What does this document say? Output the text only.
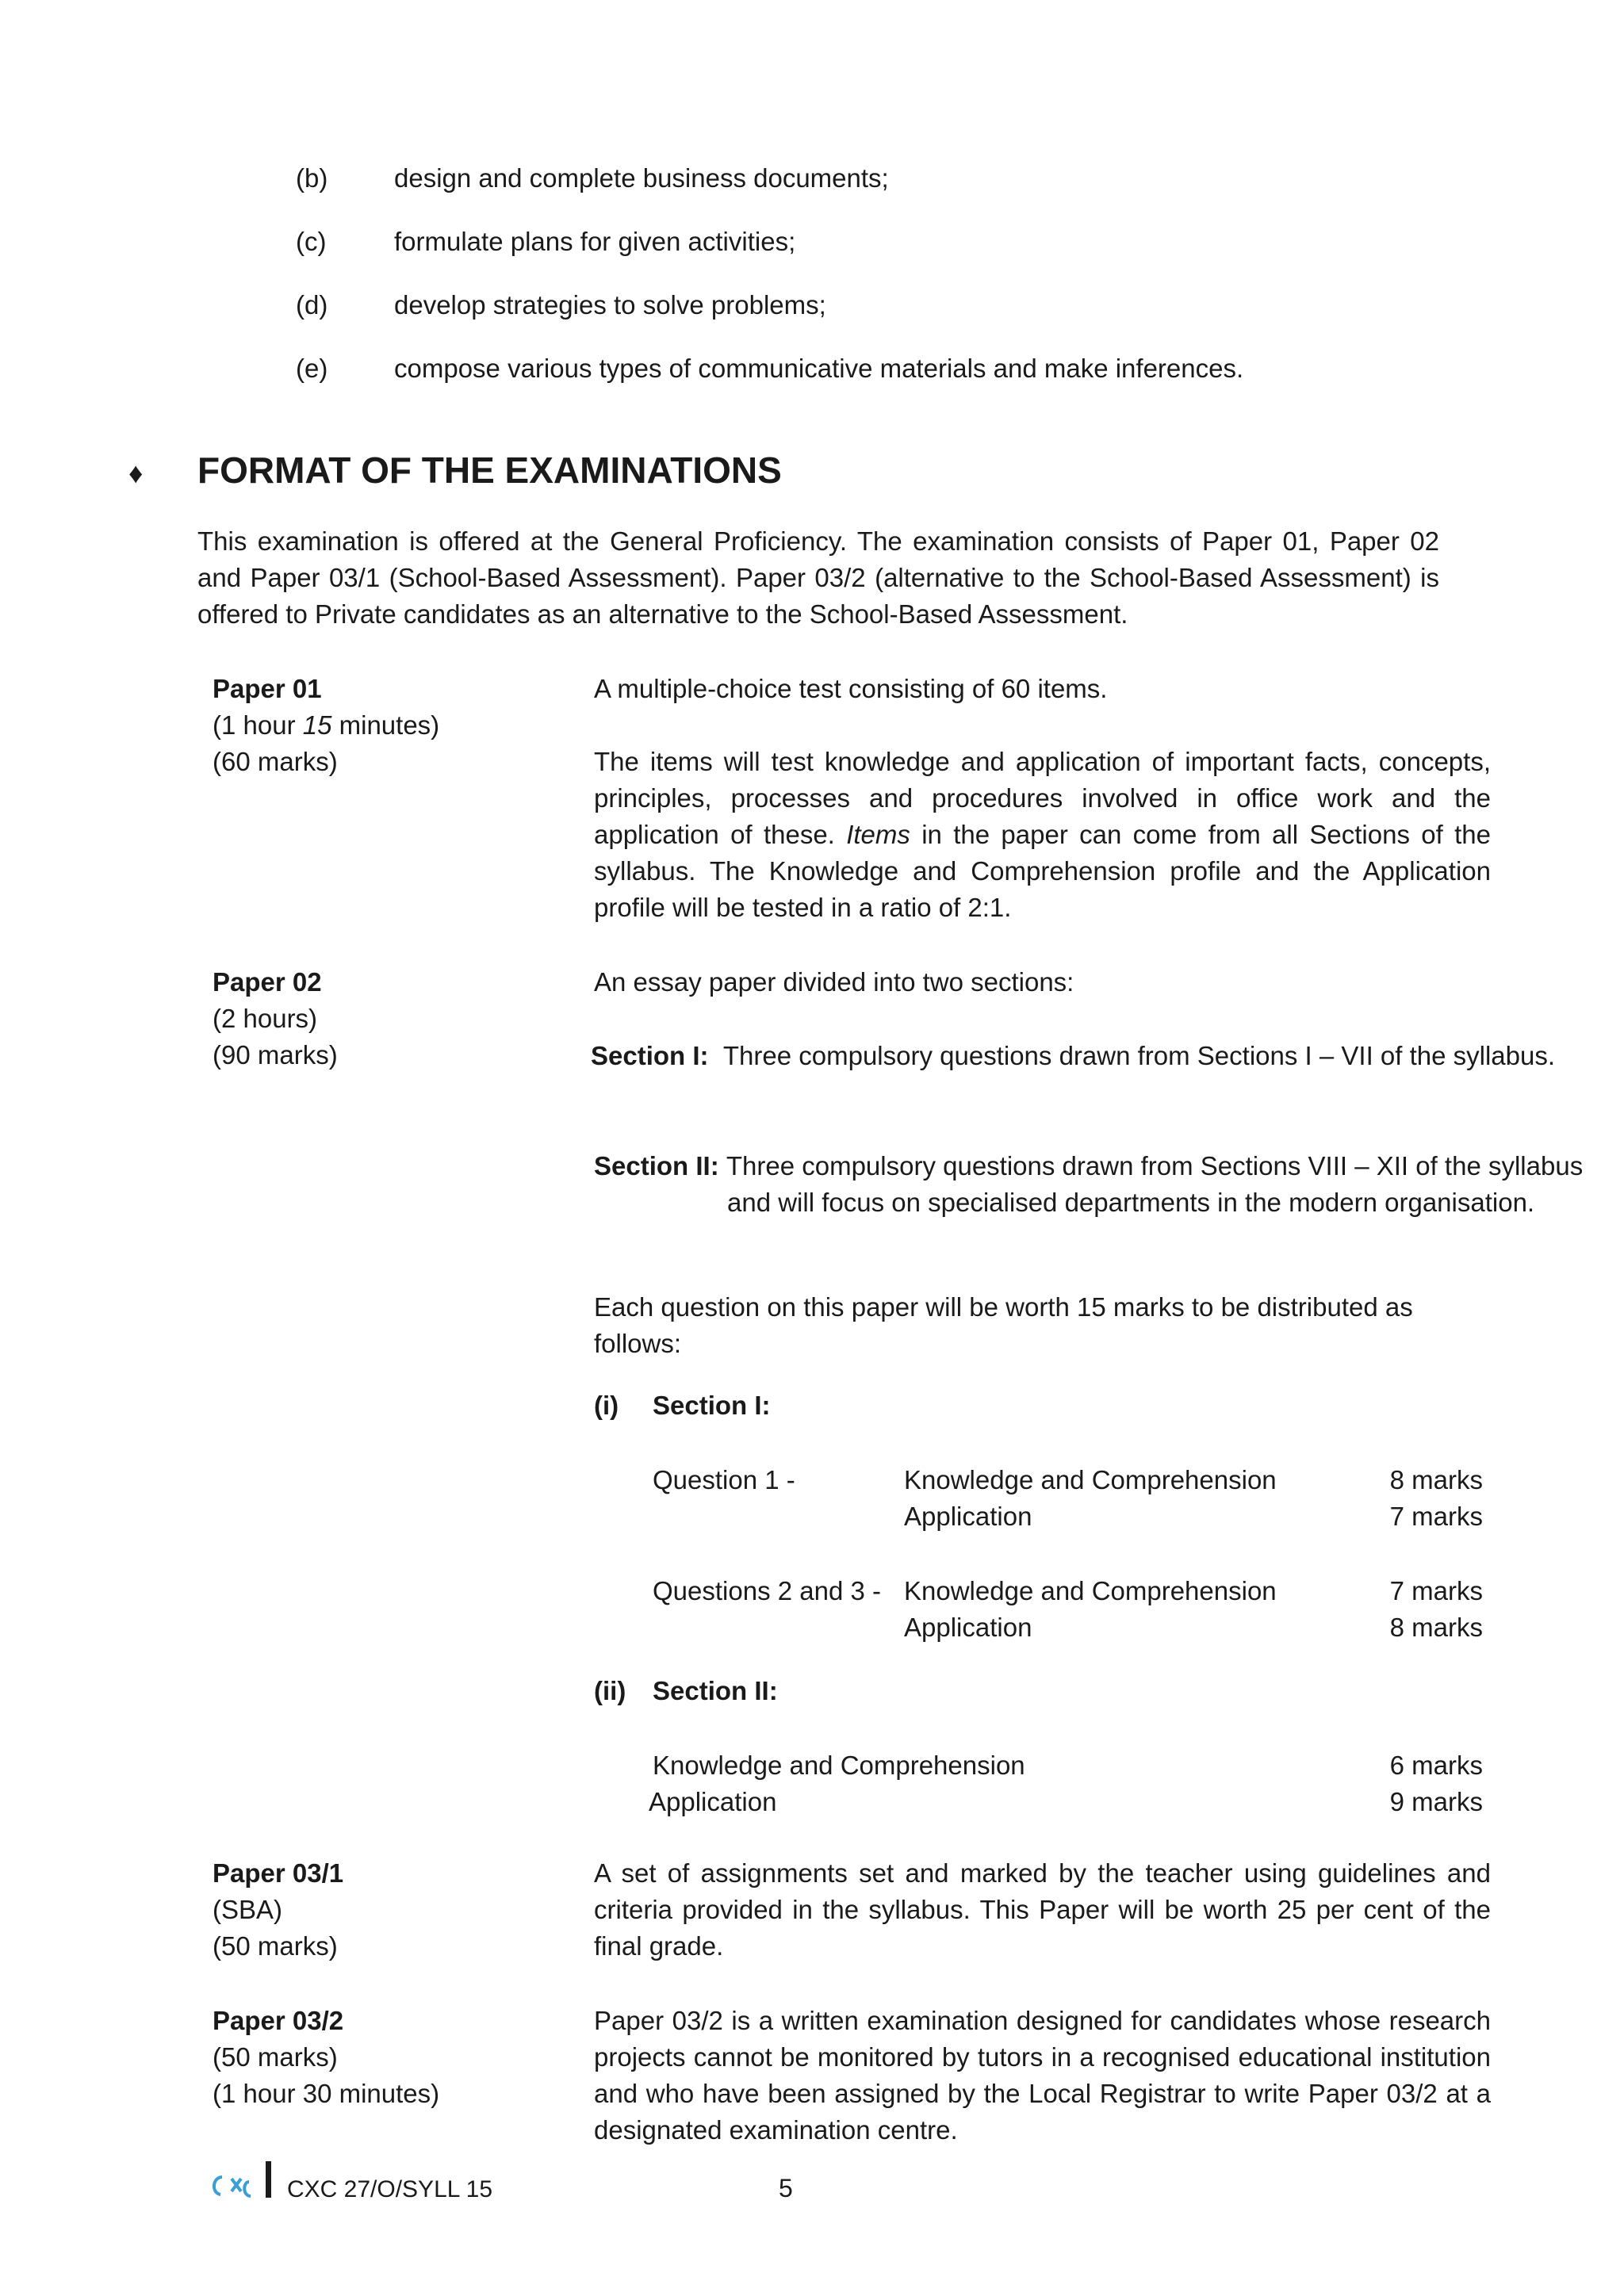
(b)	design and complete business documents;
(c)	formulate plans for given activities;
(d)	develop strategies to solve problems;
(e)	compose various types of communicative materials and make inferences.
♦ FORMAT OF THE EXAMINATIONS
This examination is offered at the General Proficiency. The examination consists of Paper 01, Paper 02 and Paper 03/1 (School-Based Assessment). Paper 03/2 (alternative to the School-Based Assessment) is offered to Private candidates as an alternative to the School-Based Assessment.
Paper 01
(1 hour 15 minutes)
(60 marks)
A multiple-choice test consisting of 60 items.
The items will test knowledge and application of important facts, concepts, principles, processes and procedures involved in office work and the application of these. Items in the paper can come from all Sections of the syllabus. The Knowledge and Comprehension profile and the Application profile will be tested in a ratio of 2:1.
Paper 02
(2 hours)
(90 marks)
An essay paper divided into two sections:
Section I: Three compulsory questions drawn from Sections I – VII of the syllabus.
Section II: Three compulsory questions drawn from Sections VIII – XII of the syllabus and will focus on specialised departments in the modern organisation.
Each question on this paper will be worth 15 marks to be distributed as follows:
(i) Section I:
Question 1 -	Knowledge and Comprehension	8 marks
Application	7 marks
Questions 2 and 3 - Knowledge and Comprehension	7 marks
Application	8 marks
(ii) Section II:
Knowledge and Comprehension	6 marks
Application	9 marks
Paper 03/1
(SBA)
(50 marks)
A set of assignments set and marked by the teacher using guidelines and criteria provided in the syllabus. This Paper will be worth 25 per cent of the final grade.
Paper 03/2
(50 marks)
(1 hour 30 minutes)
Paper 03/2 is a written examination designed for candidates whose research projects cannot be monitored by tutors in a recognised educational institution and who have been assigned by the Local Registrar to write Paper 03/2 at a designated examination centre.
CXC 27/O/SYLL 15	5
